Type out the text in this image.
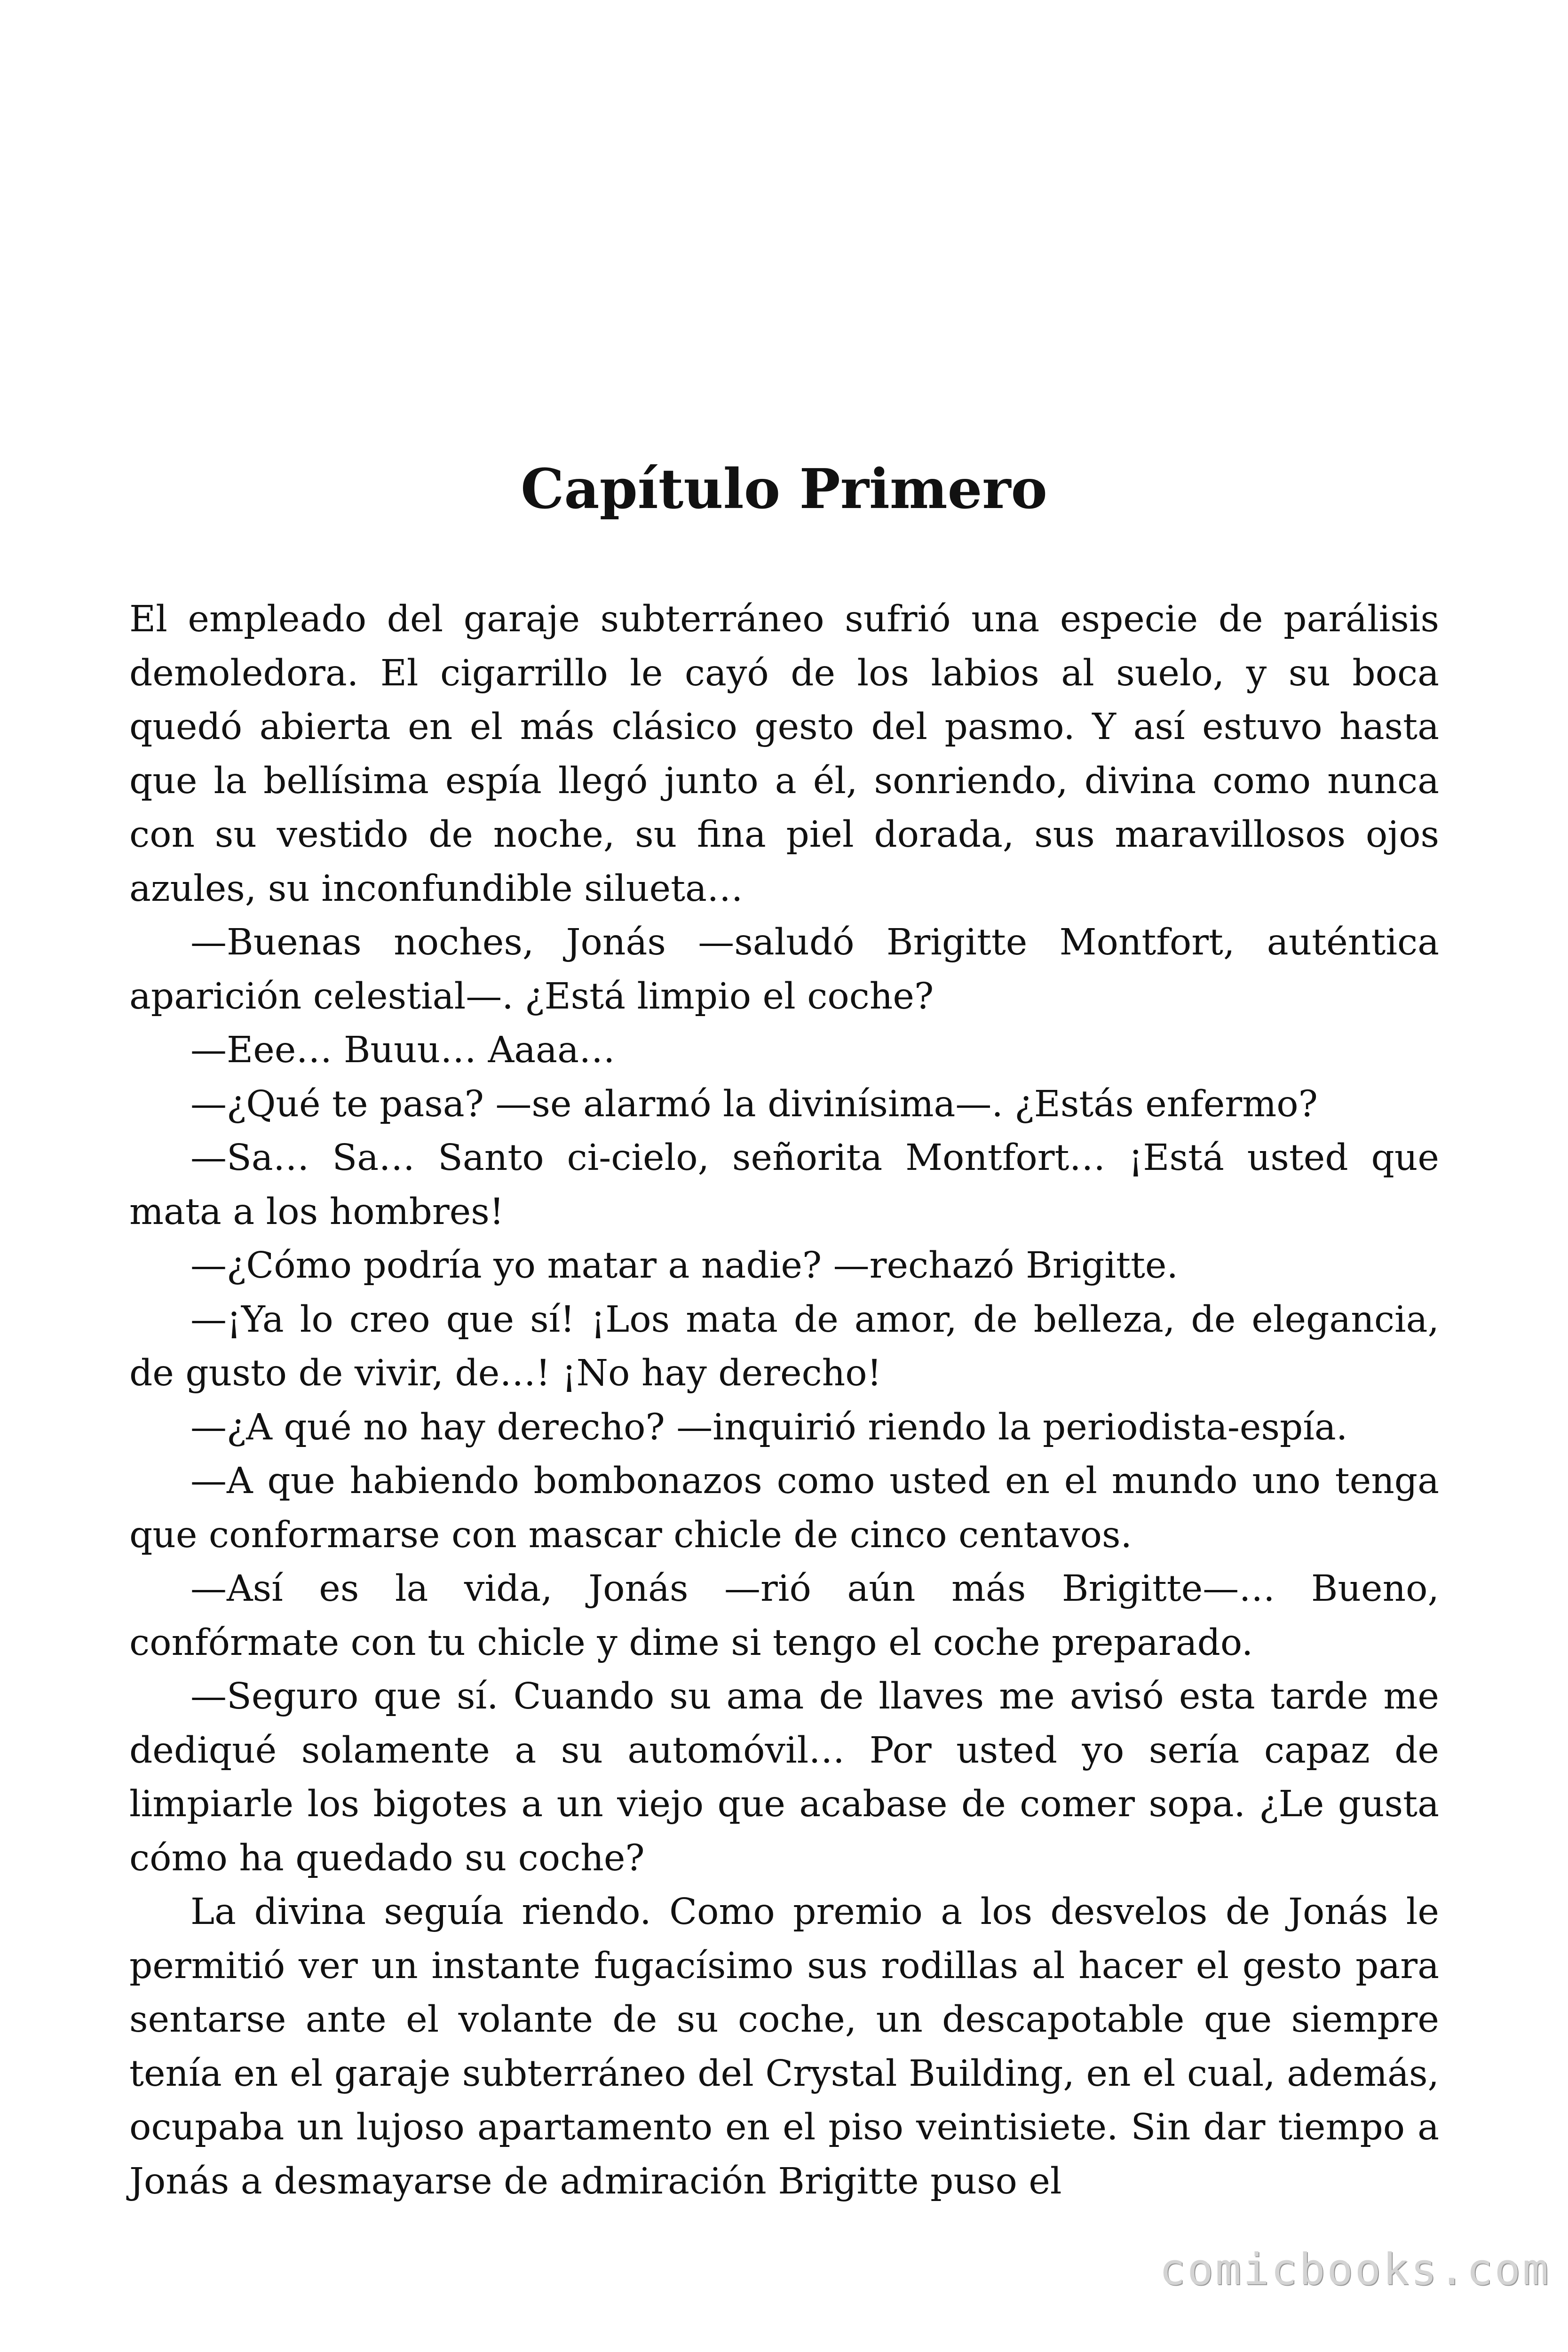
Capítulo Primero

El empleado del garaje subterráneo sufrió una especie de parálisis demoledora. El cigarrillo le cayó de los labios al suelo, y su boca quedó abierta en el más clásico gesto del pasmo. Y así estuvo hasta que la bellísima espía llegó junto a él, sonriendo, divina como nunca con su vestido de noche, su fina piel dorada, sus maravillosos ojos azules, su inconfundible silueta…

—Buenas noches, Jonás —saludó Brigitte Montfort, auténtica aparición celestial—. ¿Está limpio el coche?

—Eee… Buuu… Aaaa…

—¿Qué te pasa? —se alarmó la divinísima—. ¿Estás enfermo?

—Sa… Sa… Santo ci-cielo, señorita Montfort… ¡Está usted que mata a los hombres!

—¿Cómo podría yo matar a nadie? —rechazó Brigitte.

—¡Ya lo creo que sí! ¡Los mata de amor, de belleza, de elegancia, de gusto de vivir, de…! ¡No hay derecho!

—¿A qué no hay derecho? —inquirió riendo la periodista-espía.

—A que habiendo bombonazos como usted en el mundo uno tenga que conformarse con mascar chicle de cinco centavos.

—Así es la vida, Jonás —rió aún más Brigitte—… Bueno, confórmate con tu chicle y dime si tengo el coche preparado.

—Seguro que sí. Cuando su ama de llaves me avisó esta tarde me dediqué solamente a su automóvil… Por usted yo sería capaz de limpiarle los bigotes a un viejo que acabase de comer sopa. ¿Le gusta cómo ha quedado su coche?

La divina seguía riendo. Como premio a los desvelos de Jonás le permitió ver un instante fugacísimo sus rodillas al hacer el gesto para sentarse ante el volante de su coche, un descapotable que siempre tenía en el garaje subterráneo del Crystal Building, en el cual, además, ocupaba un lujoso apartamento en el piso veintisiete. Sin dar tiempo a Jonás a desmayarse de admiración Brigitte puso el

comicbooks.com
